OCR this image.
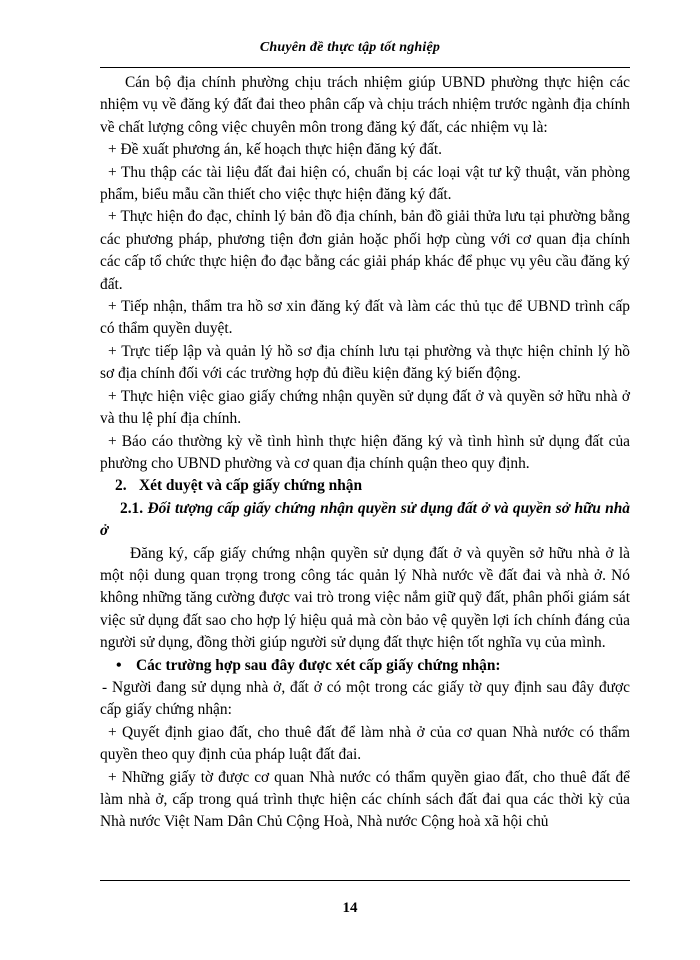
Chuyên đề thực tập tốt nghiệp

Cán bộ địa chính phường chịu trách nhiệm giúp UBND phường thực hiện các nhiệm vụ về đăng ký đất đai theo phân cấp và chịu trách nhiệm trước ngành địa chính về chất lượng công việc chuyên môn trong đăng ký đất, các nhiệm vụ là:

+ Đề xuất phương án, kế hoạch thực hiện đăng ký đất.

+ Thu thập các tài liệu đất đai hiện có, chuẩn bị các loại vật tư kỹ thuật, văn phòng phẩm, biểu mẫu cần thiết cho việc thực hiện đăng ký đất.

+ Thực hiện đo đạc, chỉnh lý bản đồ địa chính, bản đồ giải thửa lưu tại phường bằng các phương pháp, phương tiện đơn giản hoặc phối hợp cùng với cơ quan địa chính các cấp tổ chức thực hiện đo đạc bằng các giải pháp khác để phục vụ yêu cầu đăng ký đất.

+ Tiếp nhận, thẩm tra hồ sơ xin đăng ký đất và làm các thủ tục để UBND trình cấp có thẩm quyền duyệt.

+ Trực tiếp lập và quản lý hồ sơ địa chính lưu tại phường và thực hiện chỉnh lý hồ sơ địa chính đối với các trường hợp đủ điều kiện đăng ký biến động.

+ Thực hiện việc giao giấy chứng nhận quyền sử dụng đất ở và quyền sở hữu nhà ở và thu lệ phí địa chính.

+ Báo cáo thường kỳ về tình hình thực hiện đăng ký và tình hình sử dụng đất của phường cho UBND phường và cơ quan địa chính quận theo quy định.

2. Xét duyệt và cấp giấy chứng nhận

2.1. Đối tượng cấp giấy chứng nhận quyền sử dụng đất ở và quyền sở hữu nhà ở

Đăng ký, cấp giấy chứng nhận quyền sử dụng đất ở và quyền sở hữu nhà ở là một nội dung quan trọng trong công tác quản lý Nhà nước về đất đai và nhà ở. Nó không những tăng cường được vai trò trong việc nắm giữ quỹ đất, phân phối giám sát việc sử dụng đất sao cho hợp lý hiệu quả mà còn bảo vệ quyền lợi ích chính đáng của người sử dụng, đồng thời giúp người sử dụng đất thực hiện tốt nghĩa vụ của mình.

• Các trường hợp sau đây được xét cấp giấy chứng nhận:

- Người đang sử dụng nhà ở, đất ở có một trong các giấy tờ quy định sau đây được cấp giấy chứng nhận:

+ Quyết định giao đất, cho thuê đất để làm nhà ở của cơ quan Nhà nước có thẩm quyền theo quy định của pháp luật đất đai.

+ Những giấy tờ được cơ quan Nhà nước có thẩm quyền giao đất, cho thuê đất để làm nhà ở, cấp trong quá trình thực hiện các chính sách đất đai qua các thời kỳ của Nhà nước Việt Nam Dân Chủ Cộng Hoà, Nhà nước Cộng hoà xã hội chủ

14
